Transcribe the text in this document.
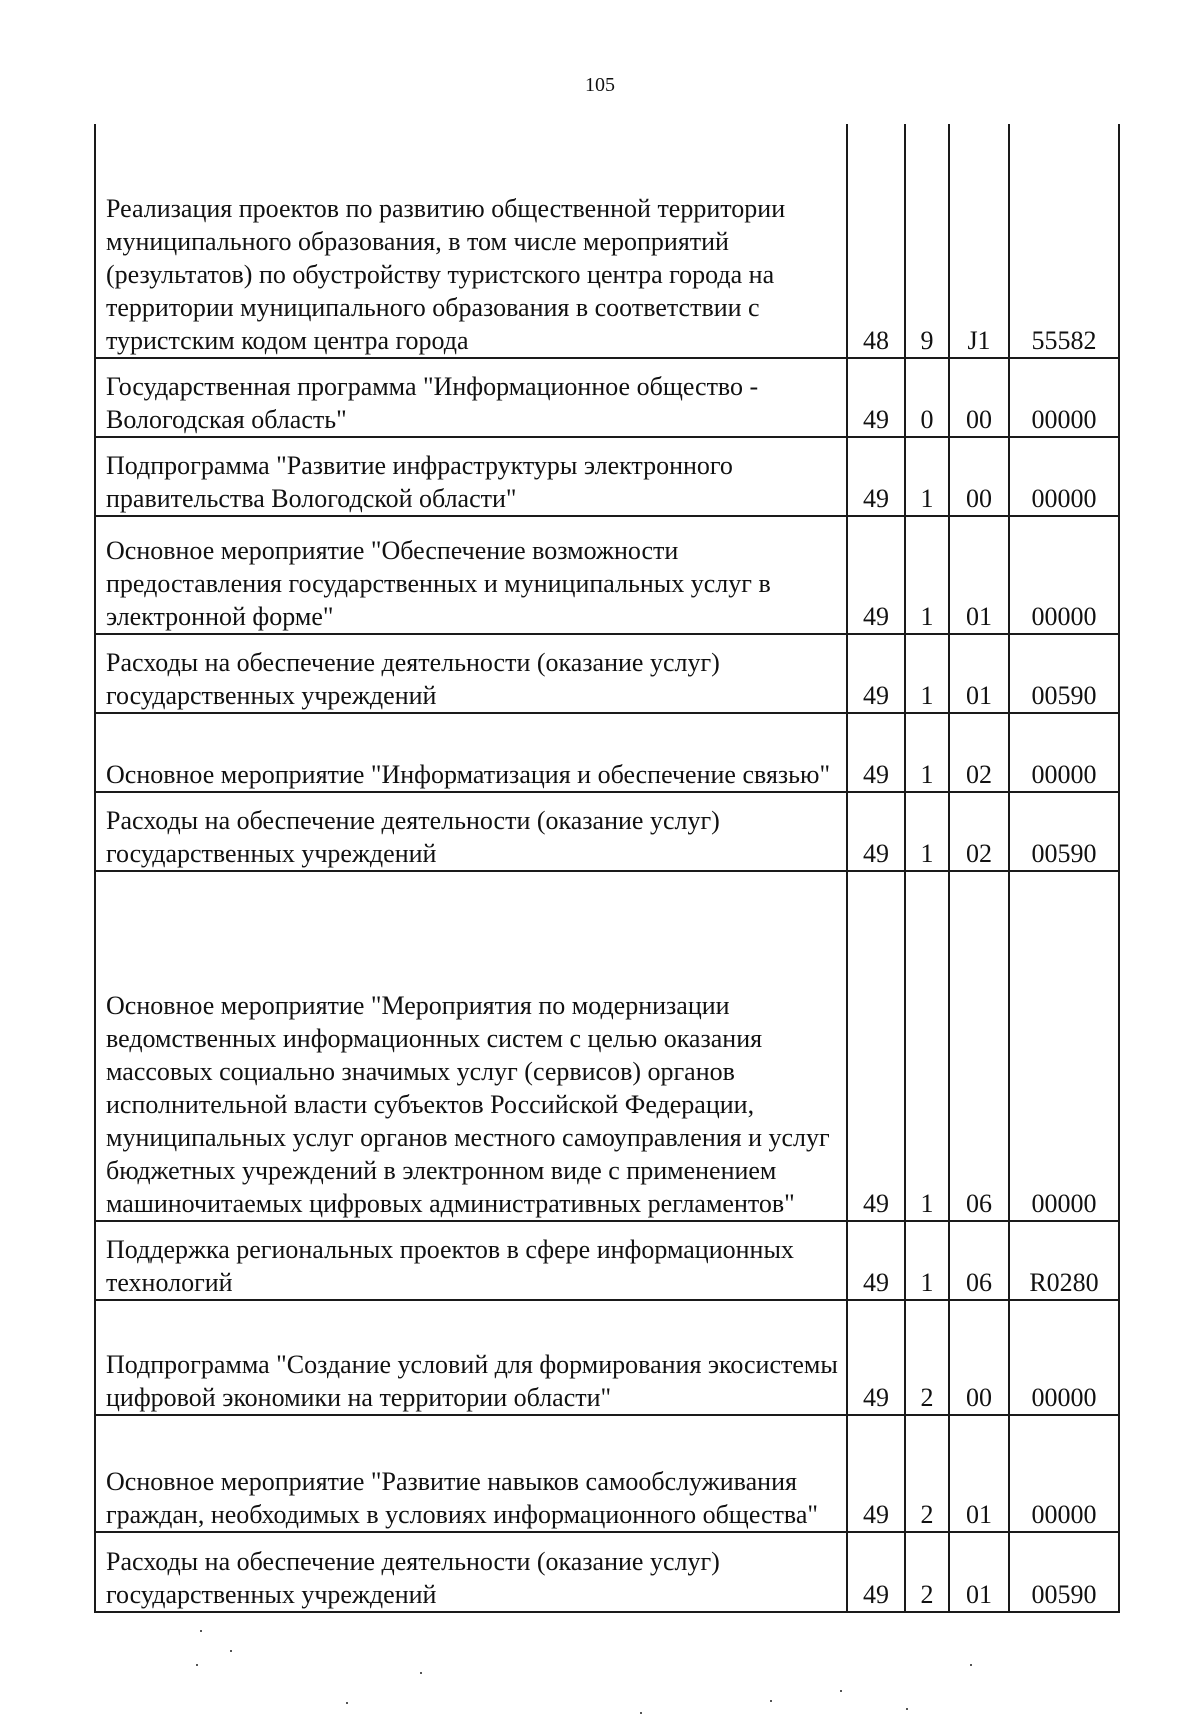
105
Реализация проектов по развитию общественной территории муниципального образования, в том числе мероприятий (результатов) по обустройству туристского центра города на территории муниципального образования в соответствии с туристским кодом центра города	48	9	J1	55582
Государственная программа "Информационное общество - Вологодская область"	49	0	00	00000
Подпрограмма "Развитие инфраструктуры электронного правительства Вологодской области"	49	1	00	00000
Основное мероприятие "Обеспечение возможности предоставления государственных и муниципальных услуг в электронной форме"	49	1	01	00000
Расходы на обеспечение деятельности (оказание услуг) государственных учреждений	49	1	01	00590
Основное мероприятие "Информатизация и обеспечение связью"	49	1	02	00000
Расходы на обеспечение деятельности (оказание услуг) государственных учреждений	49	1	02	00590
Основное мероприятие "Мероприятия по модернизации ведомственных информационных систем с целью оказания массовых социально значимых услуг (сервисов) органов исполнительной власти субъектов Российской Федерации, муниципальных услуг органов местного самоуправления и услуг бюджетных учреждений в электронном виде с применением машиночитаемых цифровых административных регламентов"	49	1	06	00000
Поддержка региональных проектов в сфере информационных технологий	49	1	06	R0280
Подпрограмма "Создание условий для формирования экосистемы цифровой экономики на территории области"	49	2	00	00000
Основное мероприятие "Развитие навыков самообслуживания граждан, необходимых в условиях информационного общества"	49	2	01	00000
Расходы на обеспечение деятельности (оказание услуг) государственных учреждений	49	2	01	00590
